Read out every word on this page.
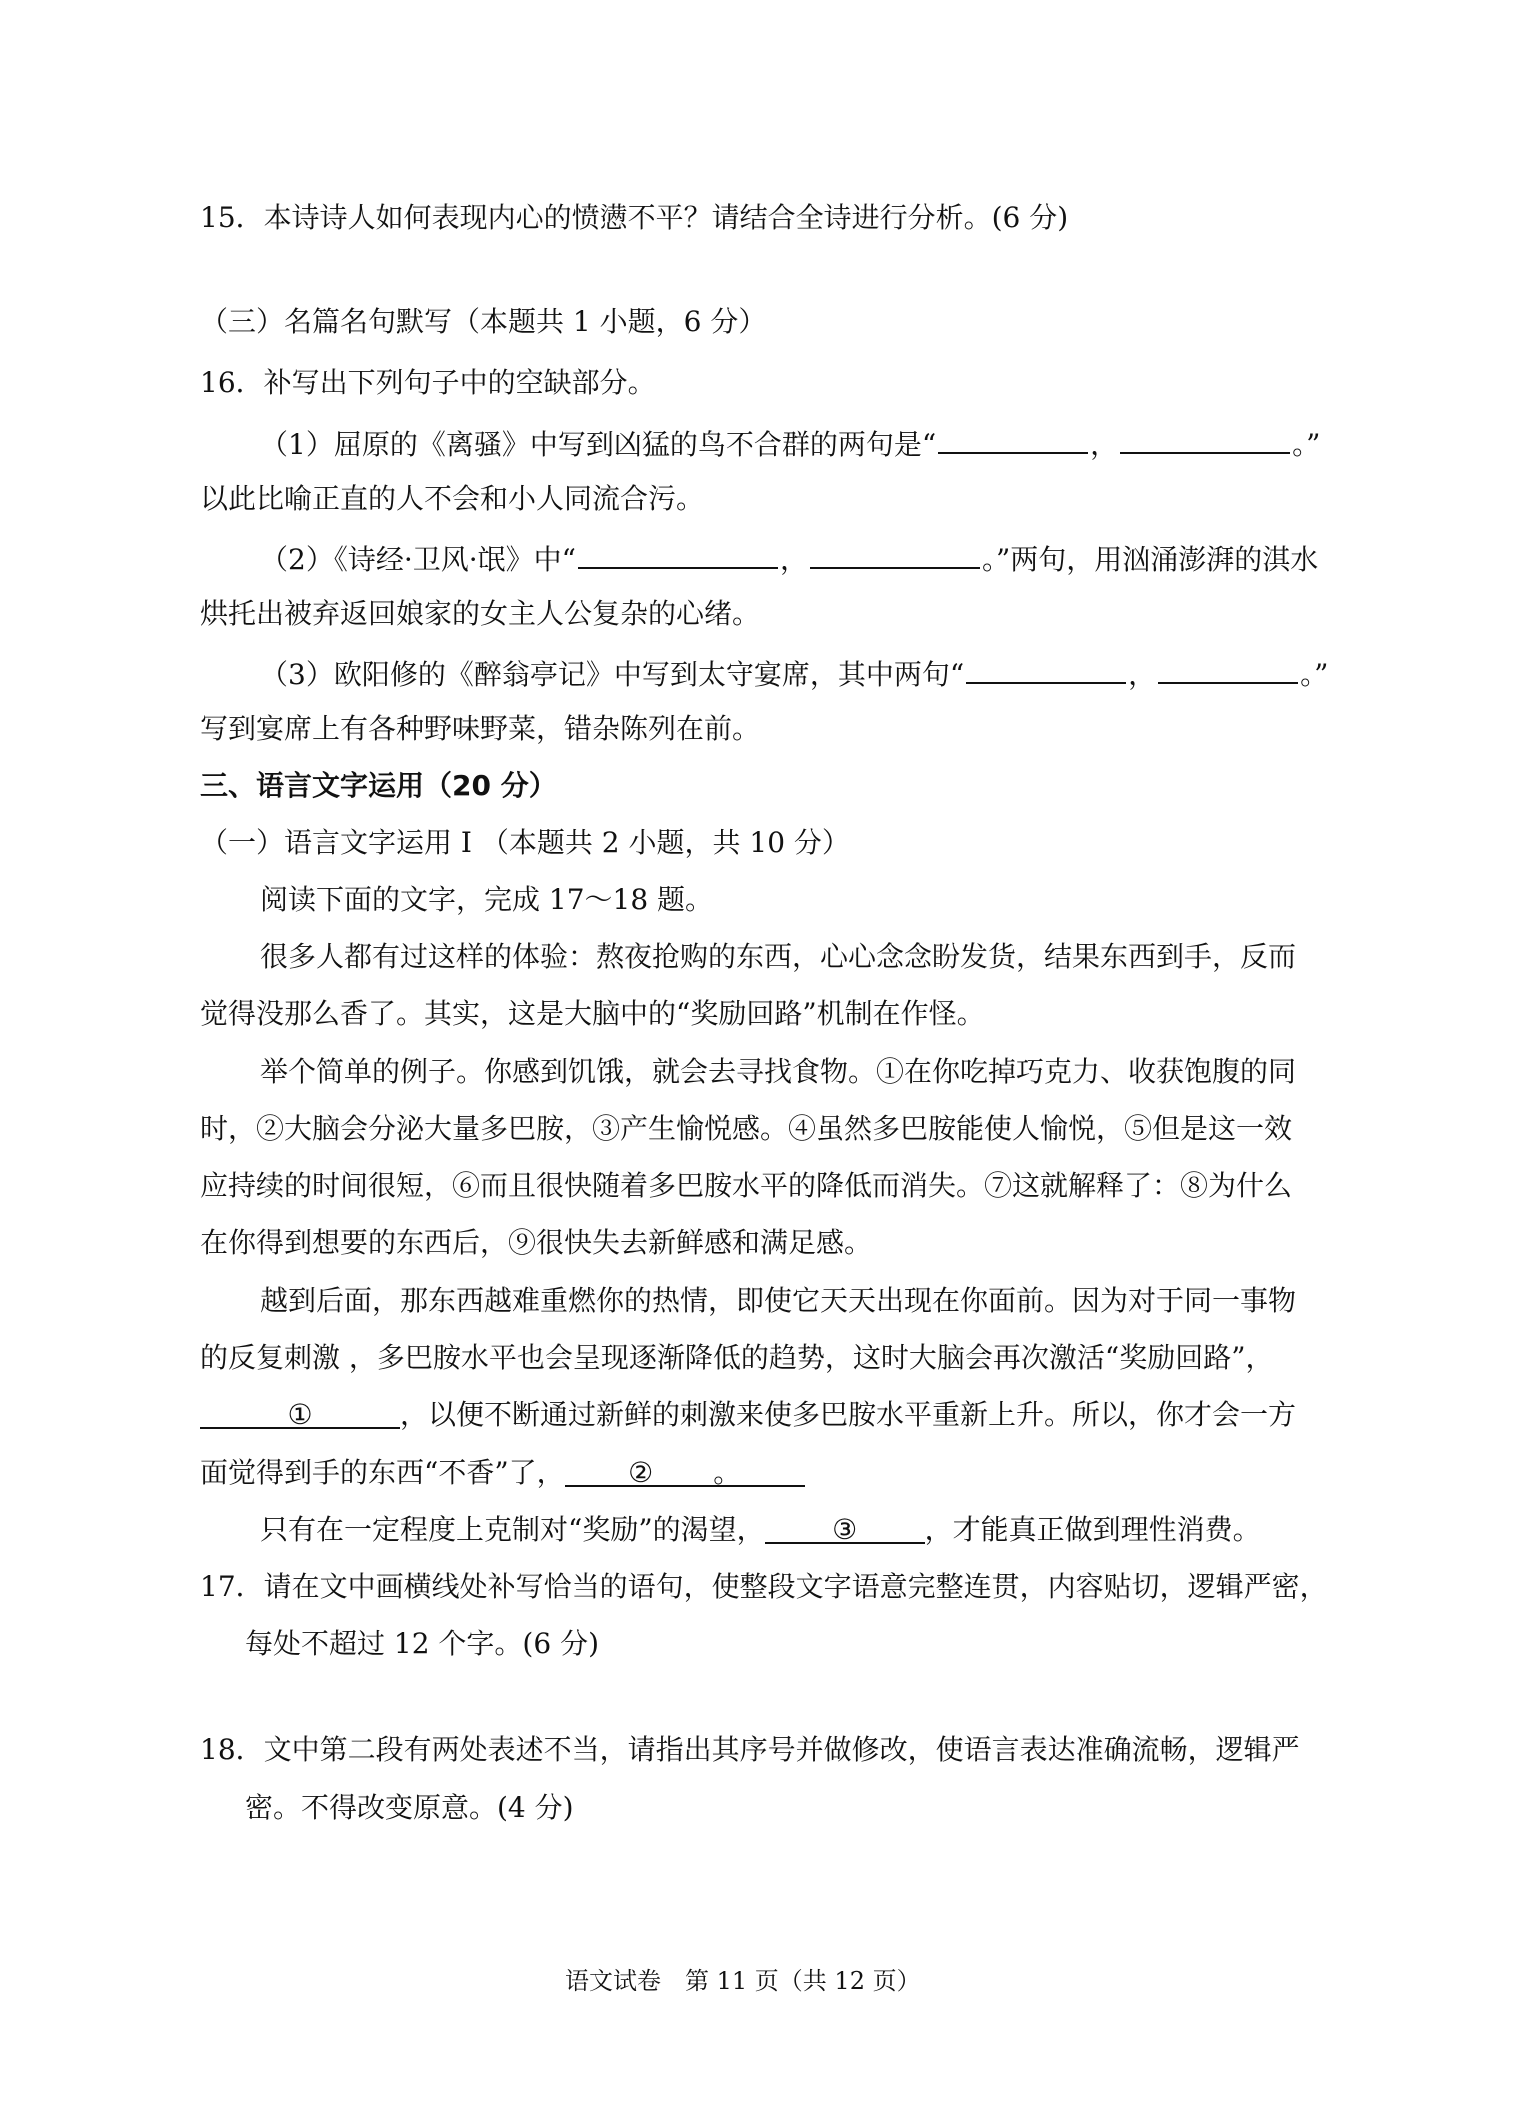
15．本诗诗人如何表现内心的愤懑不平？请结合全诗进行分析。(6 分)
（三）名篇名句默写（本题共 1 小题，6 分）
16．补写出下列句子中的空缺部分。
（1）屈原的《离骚》中写到凶猛的鸟不合群的两句是“	，	。”
以此比喻正直的人不会和小人同流合污。
（2）《诗经·卫风·氓》中“	，	。”两句，用汹涌澎湃的淇水
烘托出被弃返回娘家的女主人公复杂的心绪。
（3）欧阳修的《醉翁亭记》中写到太守宴席，其中两句“	，	。”
写到宴席上有各种野味野菜，错杂陈列在前。
三、语言文字运用（20 分）
（一）语言文字运用 Ⅰ （本题共 2 小题，共 10 分）
阅读下面的文字，完成 17～18 题。
很多人都有过这样的体验：熬夜抢购的东西，心心念念盼发货，结果东西到手，反而
觉得没那么香了。其实，这是大脑中的“奖励回路”机制在作怪。
举个简单的例子。你感到饥饿，就会去寻找食物。①在你吃掉巧克力、收获饱腹的同
时，②大脑会分泌大量多巴胺，③产生愉悦感。④虽然多巴胺能使人愉悦，⑤但是这一效
应持续的时间很短，⑥而且很快随着多巴胺水平的降低而消失。⑦这就解释了：⑧为什么
在你得到想要的东西后，⑨很快失去新鲜感和满足感。
越到后面，那东西越难重燃你的热情，即使它天天出现在你面前。因为对于同一事物
的反复刺激 ，多巴胺水平也会呈现逐渐降低的趋势，这时大脑会再次激活“奖励回路”，
①	，以便不断通过新鲜的刺激来使多巴胺水平重新上升。所以，你才会一方
面觉得到手的东西“不香”了， ② 。
只有在一定程度上克制对“奖励”的渴望， ③ ，才能真正做到理性消费。
17．请在文中画横线处补写恰当的语句，使整段文字语意完整连贯，内容贴切，逻辑严密，
每处不超过 12 个字。(6 分)
18．文中第二段有两处表述不当，请指出其序号并做修改，使语言表达准确流畅，逻辑严
密。不得改变原意。(4 分)
语文试卷　第 11 页（共 12 页）
